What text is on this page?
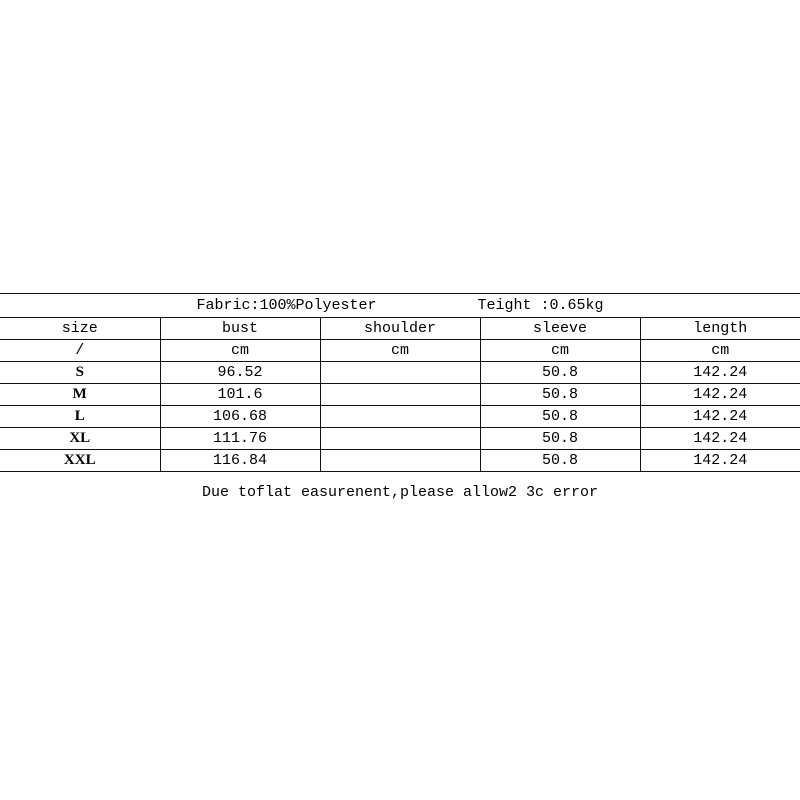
Fabric:100%Polyester Teight :0.65kg				
size	bust	shoulder	sleeve	length
/	cm	cm	cm	cm
S	96.52		50.8	142.24
M	101.6		50.8	142.24
L	106.68		50.8	142.24
XL	111.76		50.8	142.24
XXL	116.84		50.8	142.24
Due toflat easurenent,please allow2 3c error
